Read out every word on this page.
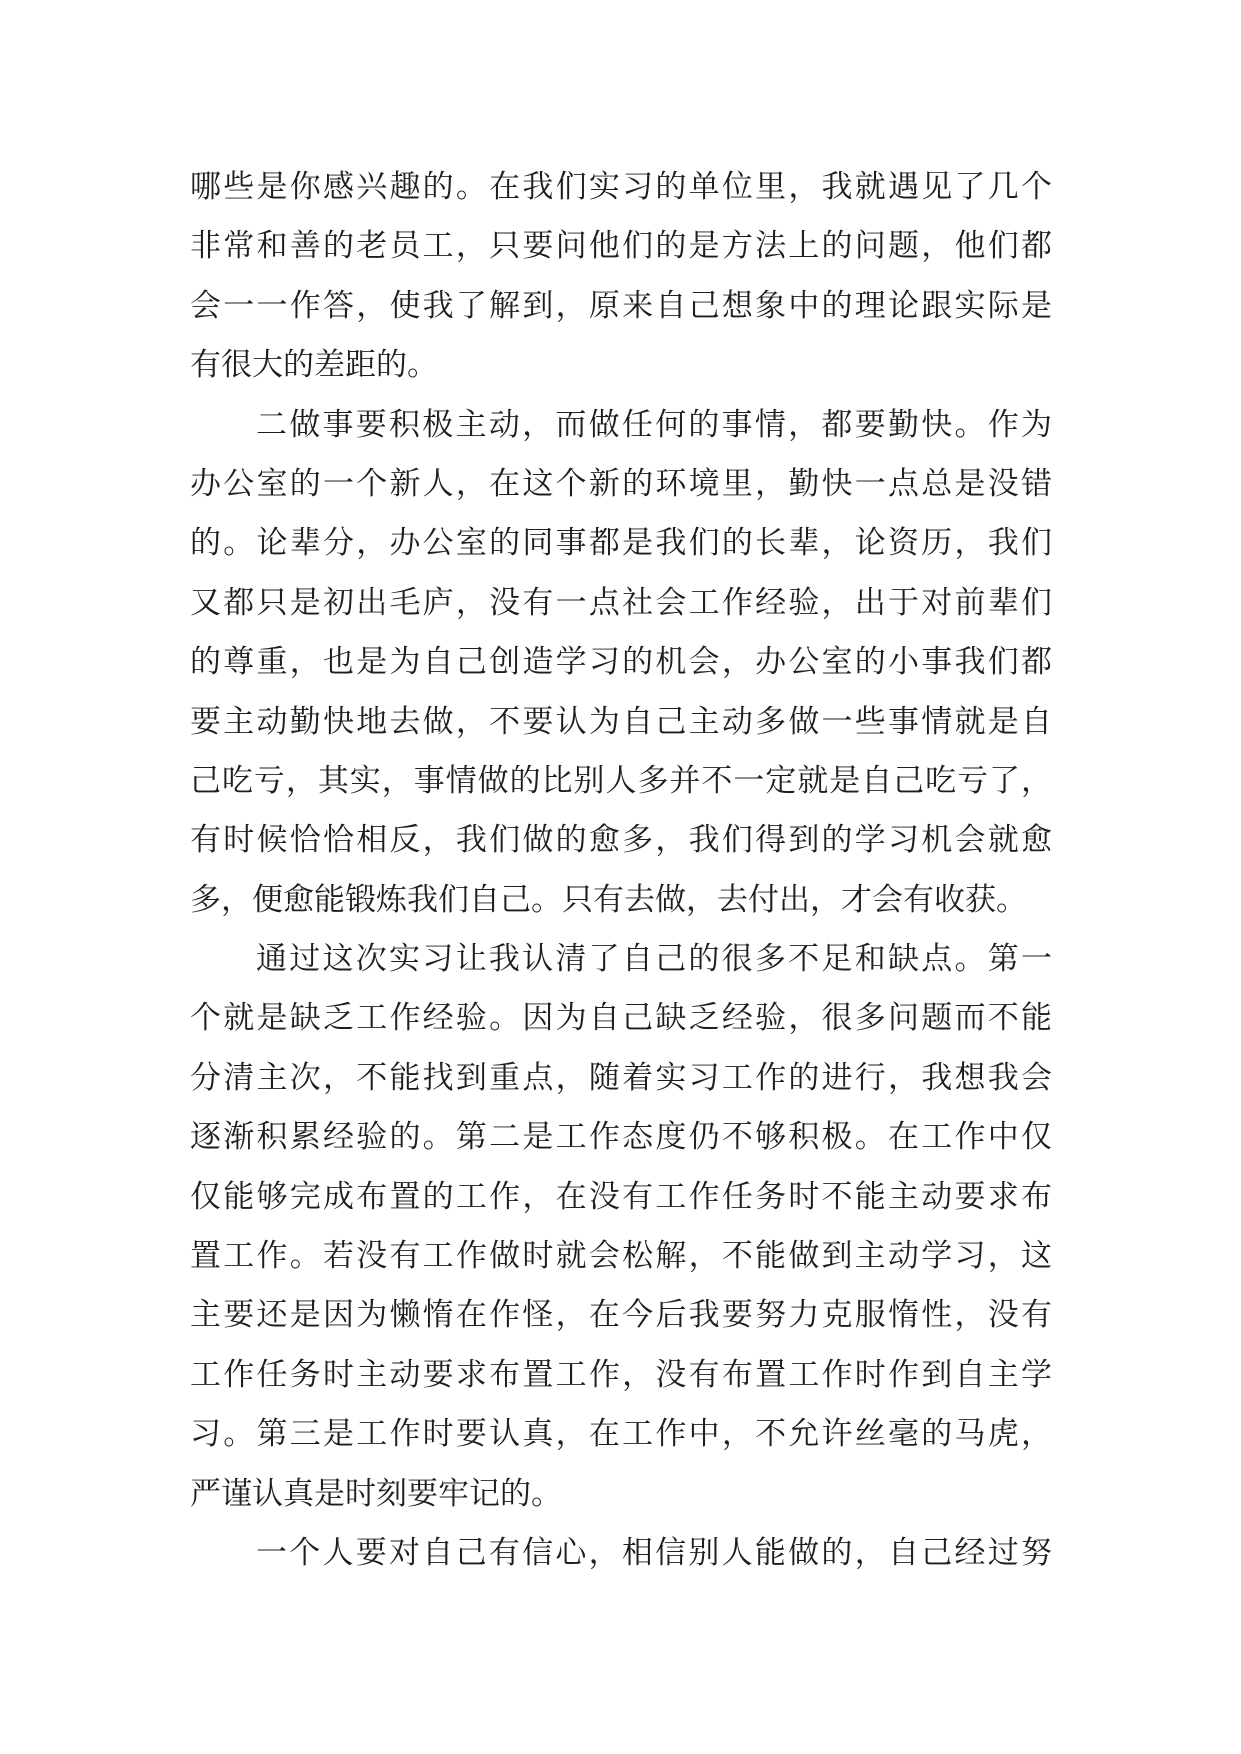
哪些是你感兴趣的。在我们实习的单位里，我就遇见了几个
非常和善的老员工，只要问他们的是方法上的问题，他们都
会一一作答，使我了解到，原来自己想象中的理论跟实际是
有很大的差距的。
二做事要积极主动，而做任何的事情，都要勤快。作为
办公室的一个新人，在这个新的环境里，勤快一点总是没错
的。论辈分，办公室的同事都是我们的长辈，论资历，我们
又都只是初出毛庐，没有一点社会工作经验，出于对前辈们
的尊重，也是为自己创造学习的机会，办公室的小事我们都
要主动勤快地去做，不要认为自己主动多做一些事情就是自
己吃亏，其实，事情做的比别人多并不一定就是自己吃亏了，
有时候恰恰相反，我们做的愈多，我们得到的学习机会就愈
多，便愈能锻炼我们自己。只有去做，去付出，才会有收获。
通过这次实习让我认清了自己的很多不足和缺点。第一
个就是缺乏工作经验。因为自己缺乏经验，很多问题而不能
分清主次，不能找到重点，随着实习工作的进行，我想我会
逐渐积累经验的。第二是工作态度仍不够积极。在工作中仅
仅能够完成布置的工作，在没有工作任务时不能主动要求布
置工作。若没有工作做时就会松解，不能做到主动学习，这
主要还是因为懒惰在作怪，在今后我要努力克服惰性，没有
工作任务时主动要求布置工作，没有布置工作时作到自主学
习。第三是工作时要认真，在工作中，不允许丝毫的马虎，
严谨认真是时刻要牢记的。
一个人要对自己有信心，相信别人能做的，自己经过努
